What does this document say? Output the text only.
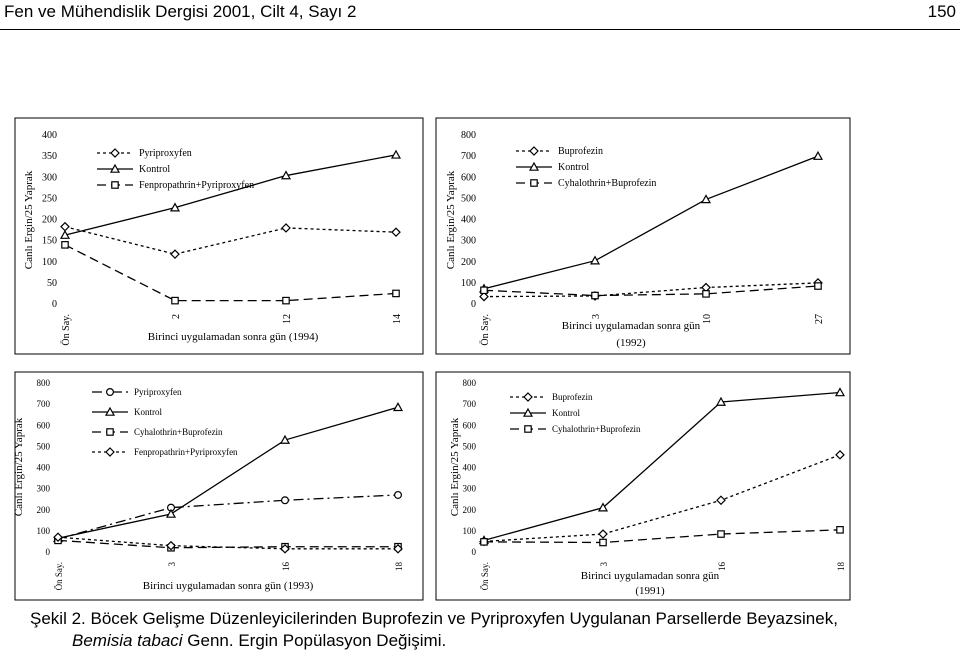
Fen ve Mühendislik Dergisi 2001, Cilt 4, Sayı 2	150
0
50
100
150
200
250
300
350
400
Canlı Ergin/25 Yaprak
Ön Say.	2	12	14
Birinci uygulamadan sonra gün (1994)
Pyriproxyfen
Kontrol
Fenpropathrin+Pyriproxyfen
0
100
200
300
400
500
600
700
800
Canlı Ergin/25 Yaprak
Ön Say.	3	10	27
Birinci uygulamadan sonra gün
(1992)
Buprofezin
Kontrol
Cyhalothrin+Buprofezin
0
100
200
300
400
500
600
700
800
Canlı Ergin/25 Yaprak
Ön Say.	3	16	18
Birinci uygulamadan sonra gün (1993)
Pyriproxyfen
Kontrol
Cyhalothrin+Buprofezin
Fenpropathrin+Pyriproxyfen
0
100
200
300
400
500
600
700
800
Canlı Ergin/25 Yaprak
Ön Say.	3	16	18
Birinci uygulamadan sonra gün
(1991)
Buprofezin
Kontrol
Cyhalothrin+Buprofezin
Şekil 2. Böcek Gelişme Düzenleyicilerinden Buprofezin ve Pyriproxyfen Uygulanan Parsellerde Beyazsinek,
Bemisia tabaci Genn. Ergin Popülasyon Değişimi.
